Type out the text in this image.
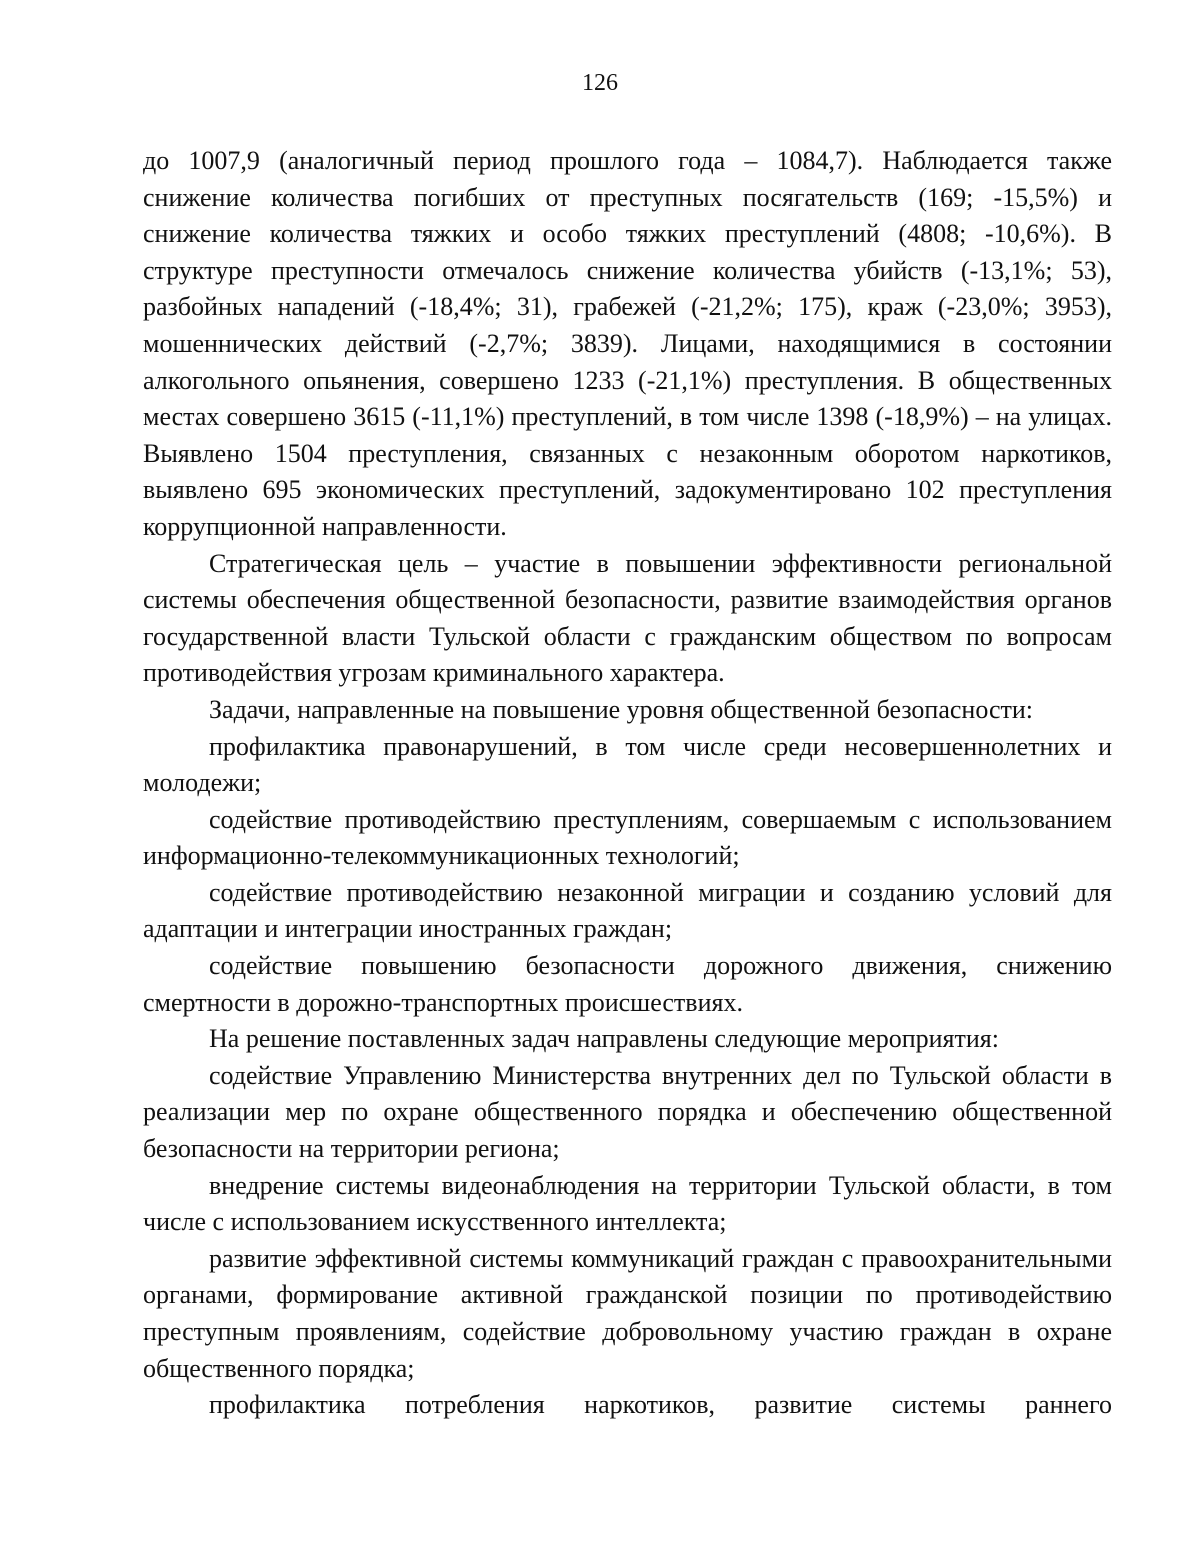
126

до 1007,9 (аналогичный период прошлого года – 1084,7). Наблюдается также снижение количества погибших от преступных посягательств (169; -15,5%) и снижение количества тяжких и особо тяжких преступлений (4808; -10,6%). В структуре преступности отмечалось снижение количества убийств (-13,1%; 53), разбойных нападений (-18,4%; 31), грабежей (-21,2%; 175), краж (-23,0%; 3953), мошеннических действий (-2,7%; 3839). Лицами, находящимися в состоянии алкогольного опьянения, совершено 1233 (-21,1%) преступления. В общественных местах совершено 3615 (-11,1%) преступлений, в том числе 1398 (-18,9%) – на улицах. Выявлено 1504 преступления, связанных с незаконным оборотом наркотиков, выявлено 695 экономических преступлений, задокументировано 102 преступления коррупционной направленности.

Стратегическая цель – участие в повышении эффективности региональной системы обеспечения общественной безопасности, развитие взаимодействия органов государственной власти Тульской области с гражданским обществом по вопросам противодействия угрозам криминального характера.

Задачи, направленные на повышение уровня общественной безопасности:

профилактика правонарушений, в том числе среди несовершеннолетних и молодежи;

содействие противодействию преступлениям, совершаемым с использованием информационно-телекоммуникационных технологий;

содействие противодействию незаконной миграции и созданию условий для адаптации и интеграции иностранных граждан;

содействие повышению безопасности дорожного движения, снижению смертности в дорожно-транспортных происшествиях.

На решение поставленных задач направлены следующие мероприятия:

содействие Управлению Министерства внутренних дел по Тульской области в реализации мер по охране общественного порядка и обеспечению общественной безопасности на территории региона;

внедрение системы видеонаблюдения на территории Тульской области, в том числе с использованием искусственного интеллекта;

развитие эффективной системы коммуникаций граждан с правоохранительными органами, формирование активной гражданской позиции по противодействию преступным проявлениям, содействие добровольному участию граждан в охране общественного порядка;

профилактика потребления наркотиков, развитие системы раннего
